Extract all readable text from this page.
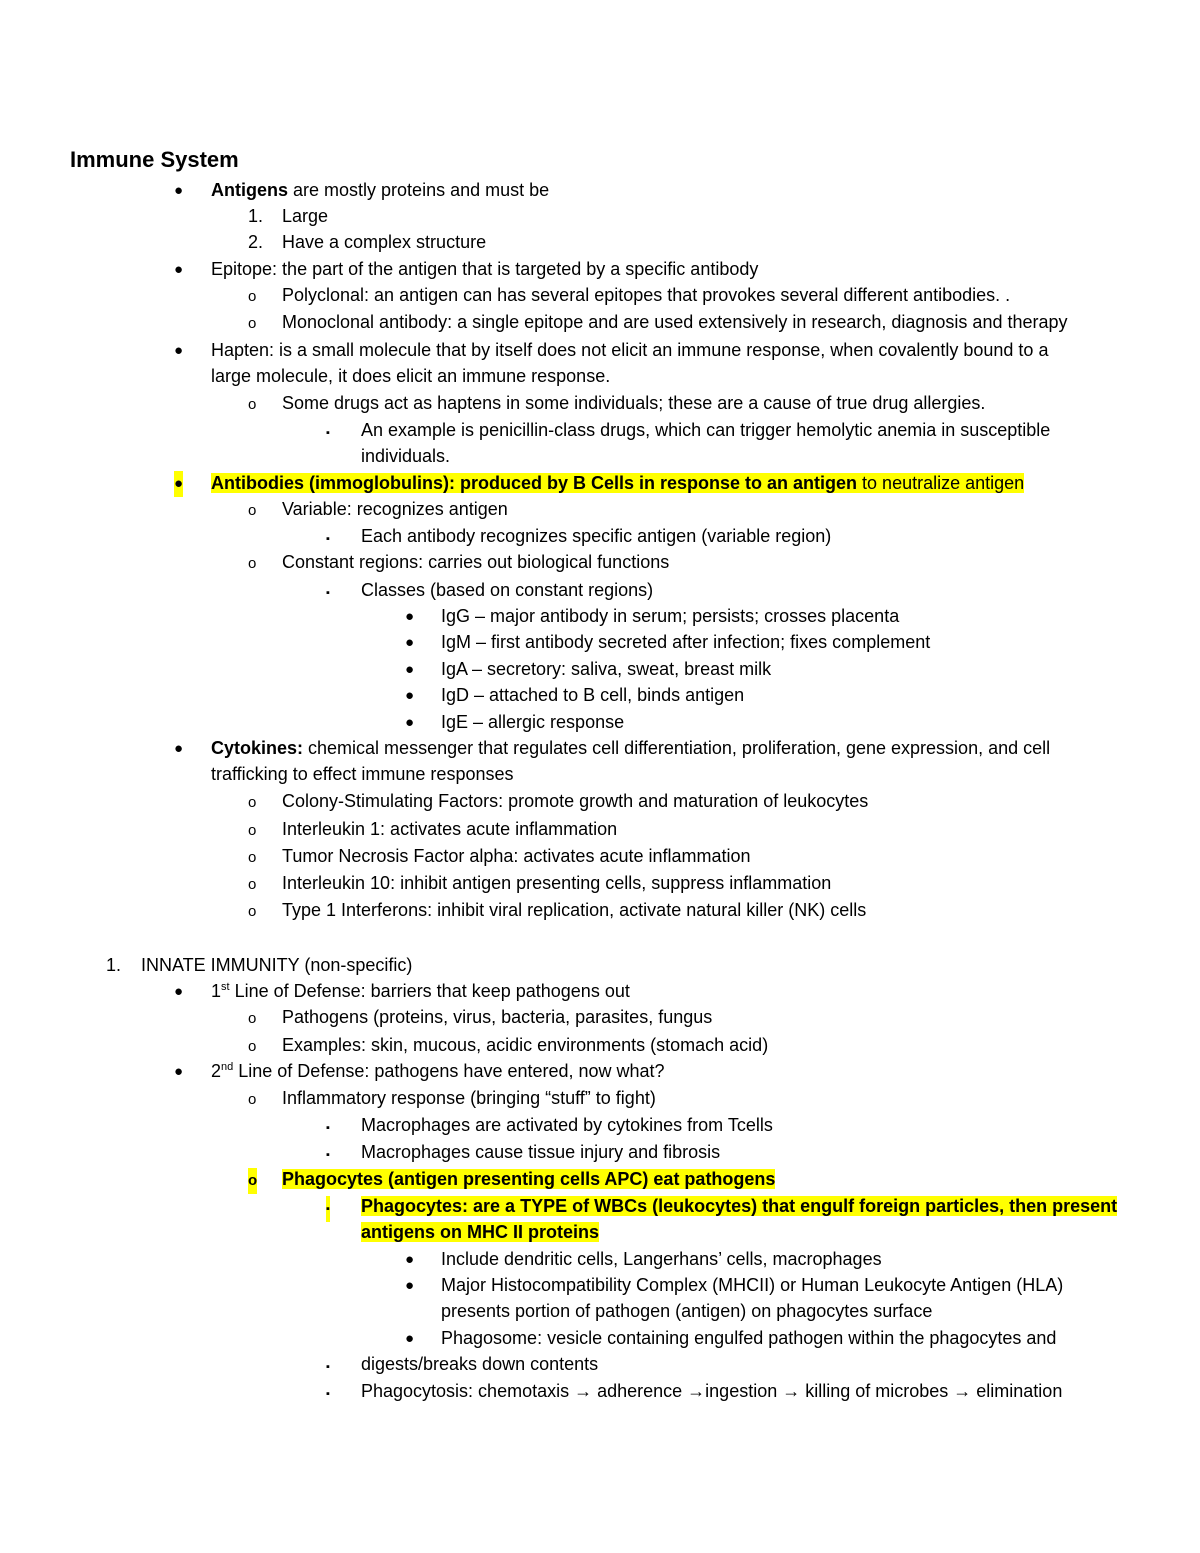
Immune System
● Antigens are mostly proteins and must be
1. Large
2. Have a complex structure
● Epitope: the part of the antigen that is targeted by a specific antibody
o Polyclonal: an antigen can has several epitopes that provokes several different antibodies. .
o Monoclonal antibody: a single epitope and are used extensively in research, diagnosis and therapy
● Hapten: is a small molecule that by itself does not elicit an immune response, when covalently bound to a
large molecule, it does elicit an immune response.
o Some drugs act as haptens in some individuals; these are a cause of true drug allergies.
▪ An example is penicillin-class drugs, which can trigger hemolytic anemia in susceptible
individuals.
● Antibodies (immoglobulins): produced by B Cells in response to an antigen to neutralize antigen
o Variable: recognizes antigen
▪ Each antibody recognizes specific antigen (variable region)
o Constant regions: carries out biological functions
▪ Classes (based on constant regions)
● IgG – major antibody in serum; persists; crosses placenta
● IgM – first antibody secreted after infection; fixes complement
● IgA – secretory: saliva, sweat, breast milk
● IgD – attached to B cell, binds antigen
● IgE – allergic response
● Cytokines: chemical messenger that regulates cell differentiation, proliferation, gene expression, and cell
trafficking to effect immune responses
o Colony-Stimulating Factors: promote growth and maturation of leukocytes
o Interleukin 1: activates acute inflammation
o Tumor Necrosis Factor alpha: activates acute inflammation
o Interleukin 10: inhibit antigen presenting cells, suppress inflammation
o Type 1 Interferons: inhibit viral replication, activate natural killer (NK) cells
1. INNATE IMMUNITY (non-specific)
● 1st Line of Defense: barriers that keep pathogens out
o Pathogens (proteins, virus, bacteria, parasites, fungus
o Examples: skin, mucous, acidic environments (stomach acid)
● 2nd Line of Defense: pathogens have entered, now what?
o Inflammatory response (bringing “stuff” to fight)
▪ Macrophages are activated by cytokines from Tcells
▪ Macrophages cause tissue injury and fibrosis
o Phagocytes (antigen presenting cells APC) eat pathogens
▪ Phagocytes: are a TYPE of WBCs (leukocytes) that engulf foreign particles, then present
antigens on MHC II proteins
● Include dendritic cells, Langerhans’ cells, macrophages
● Major Histocompatibility Complex (MHCII) or Human Leukocyte Antigen (HLA)
presents portion of pathogen (antigen) on phagocytes surface
● Phagosome: vesicle containing engulfed pathogen within the phagocytes and
▪ digests/breaks down contents
▪ Phagocytosis: chemotaxis → adherence →ingestion → killing of microbes → elimination
